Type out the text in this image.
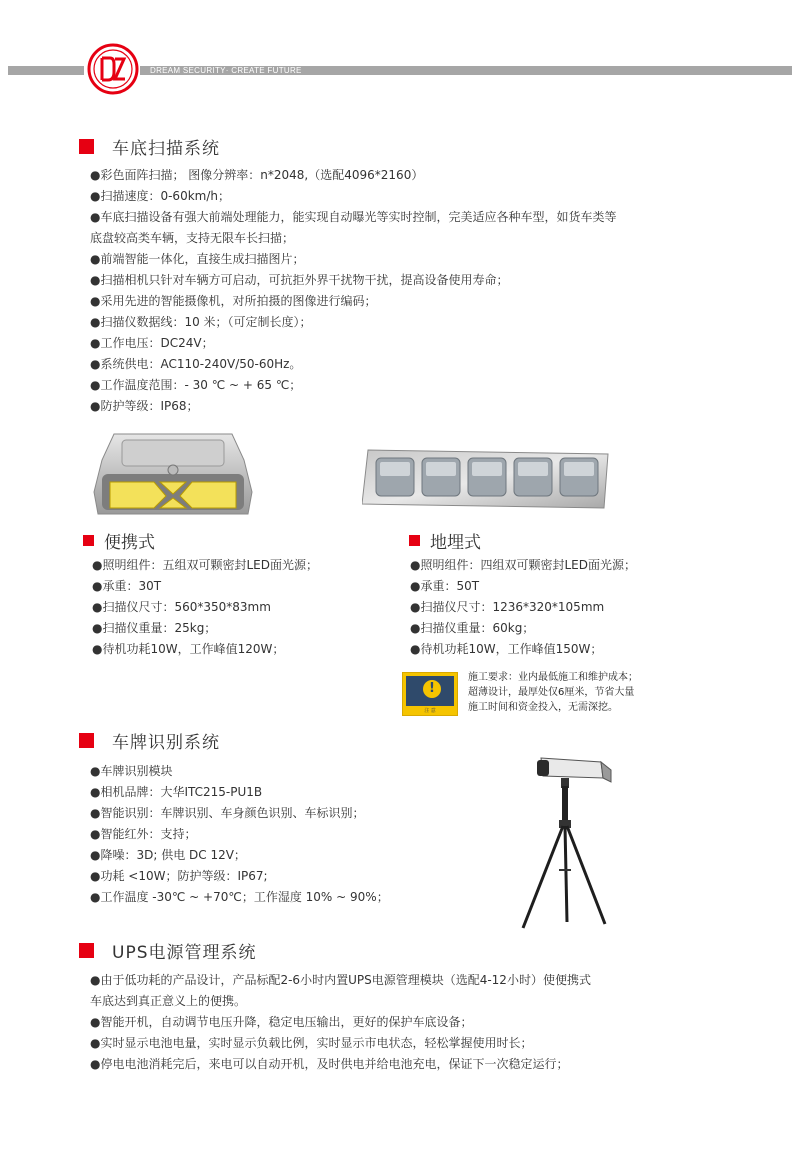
DREAM SECURITY· CREATE FUTURE
车底扫描系统
●彩色面阵扫描； 图像分辨率：n*2048,（选配4096*2160）
●扫描速度：0-60km/h；
●车底扫描设备有强大前端处理能力，能实现自动曝光等实时控制，完美适应各种车型，如货车类等
底盘较高类车辆，支持无限车长扫描；
●前端智能一体化，直接生成扫描图片；
●扫描相机只针对车辆方可启动，可抗拒外界干扰物干扰，提高设备使用寿命；
●采用先进的智能摄像机，对所拍摄的图像进行编码；
●扫描仪数据线：10 米；（可定制长度）；
●工作电压：DC24V；
●系统供电：AC110-240V/50-60Hz。
●工作温度范围：- 30 ℃ ~ + 65 ℃；
●防护等级：IP68；
便携式
●照明组件：五组双可颗密封LED面光源；
●承重：30T
●扫描仪尺寸：560*350*83mm
●扫描仪重量：25kg；
●待机功耗10W，工作峰值120W；
地埋式
●照明组件：四组双可颗密封LED面光源；
●承重：50T
●扫描仪尺寸：1236*320*105mm
●扫描仪重量：60kg；
●待机功耗10W，工作峰值150W；
!
注 意
施工要求：业内最低施工和维护成本；
超薄设计，最厚处仅6厘米，节省大量
施工时间和资金投入，无需深挖。
车牌识别系统
●车牌识别模块
●相机品牌：大华ITC215-PU1B
●智能识别：车牌识别、车身颜色识别、车标识别；
●智能红外：支持；
●降噪：3D; 供电 DC 12V；
●功耗 <10W；防护等级：IP67;
●工作温度 -30℃ ~ +70℃；工作湿度 10% ~ 90%；
UPS电源管理系统
●由于低功耗的产品设计，产品标配2-6小时内置UPS电源管理模块（选配4-12小时）使便携式
车底达到真正意义上的便携。
●智能开机，自动调节电压升降，稳定电压输出，更好的保护车底设备；
●实时显示电池电量，实时显示负载比例，实时显示市电状态，轻松掌握使用时长；
●停电电池消耗完后，来电可以自动开机，及时供电并给电池充电，保证下一次稳定运行；
